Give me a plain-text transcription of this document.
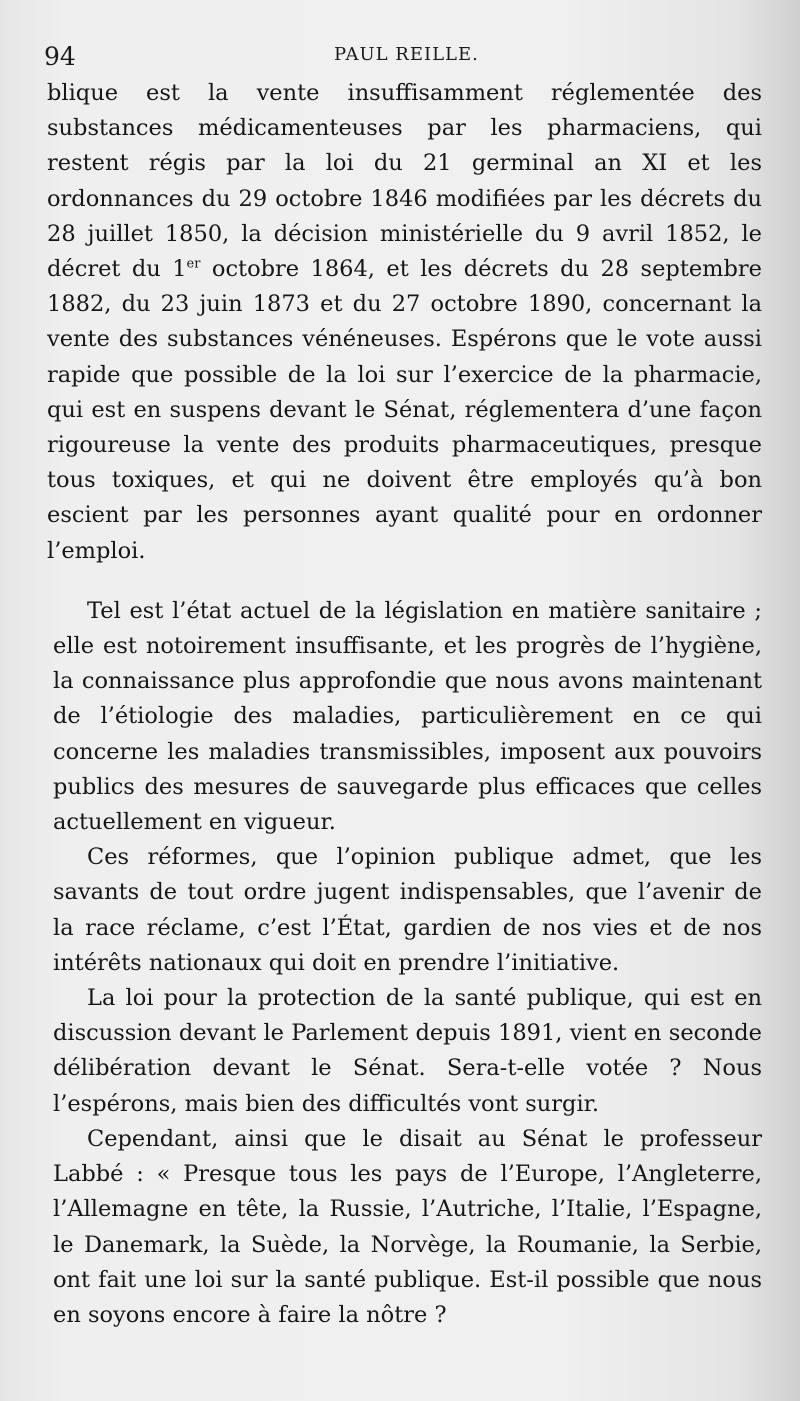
94	PAUL REILLE.

blique est la vente insuffisamment réglementée des substances médicamenteuses par les pharmaciens, qui restent régis par la loi du 21 germinal an XI et les ordonnances du 29 octobre 1846 modifiées par les décrets du 28 juillet 1850, la décision ministérielle du 9 avril 1852, le décret du 1er octobre 1864, et les décrets du 28 septembre 1882, du 23 juin 1873 et du 27 octobre 1890, concernant la vente des substances vénéneuses. Espérons que le vote aussi rapide que possible de la loi sur l’exercice de la pharmacie, qui est en suspens devant le Sénat, réglementera d’une façon rigoureuse la vente des produits pharmaceutiques, presque tous toxiques, et qui ne doivent être employés qu’à bon escient par les personnes ayant qualité pour en ordonner l’emploi.

Tel est l’état actuel de la législation en matière sanitaire ; elle est notoirement insuffisante, et les progrès de l’hygiène, la connaissance plus approfondie que nous avons maintenant de l’étiologie des maladies, particulièrement en ce qui concerne les maladies transmissibles, imposent aux pouvoirs publics des mesures de sauvegarde plus efficaces que celles actuellement en vigueur.

Ces réformes, que l’opinion publique admet, que les savants de tout ordre jugent indispensables, que l’avenir de la race réclame, c’est l’État, gardien de nos vies et de nos intérêts nationaux qui doit en prendre l’initiative.

La loi pour la protection de la santé publique, qui est en discussion devant le Parlement depuis 1891, vient en seconde délibération devant le Sénat. Sera-t-elle votée ? Nous l’espérons, mais bien des difficultés vont surgir.

Cependant, ainsi que le disait au Sénat le professeur Labbé : « Presque tous les pays de l’Europe, l’Angleterre, l’Allemagne en tête, la Russie, l’Autriche, l’Italie, l’Espagne, le Danemark, la Suède, la Norvège, la Roumanie, la Serbie, ont fait une loi sur la santé publique. Est-il possible que nous en soyons encore à faire la nôtre ?
